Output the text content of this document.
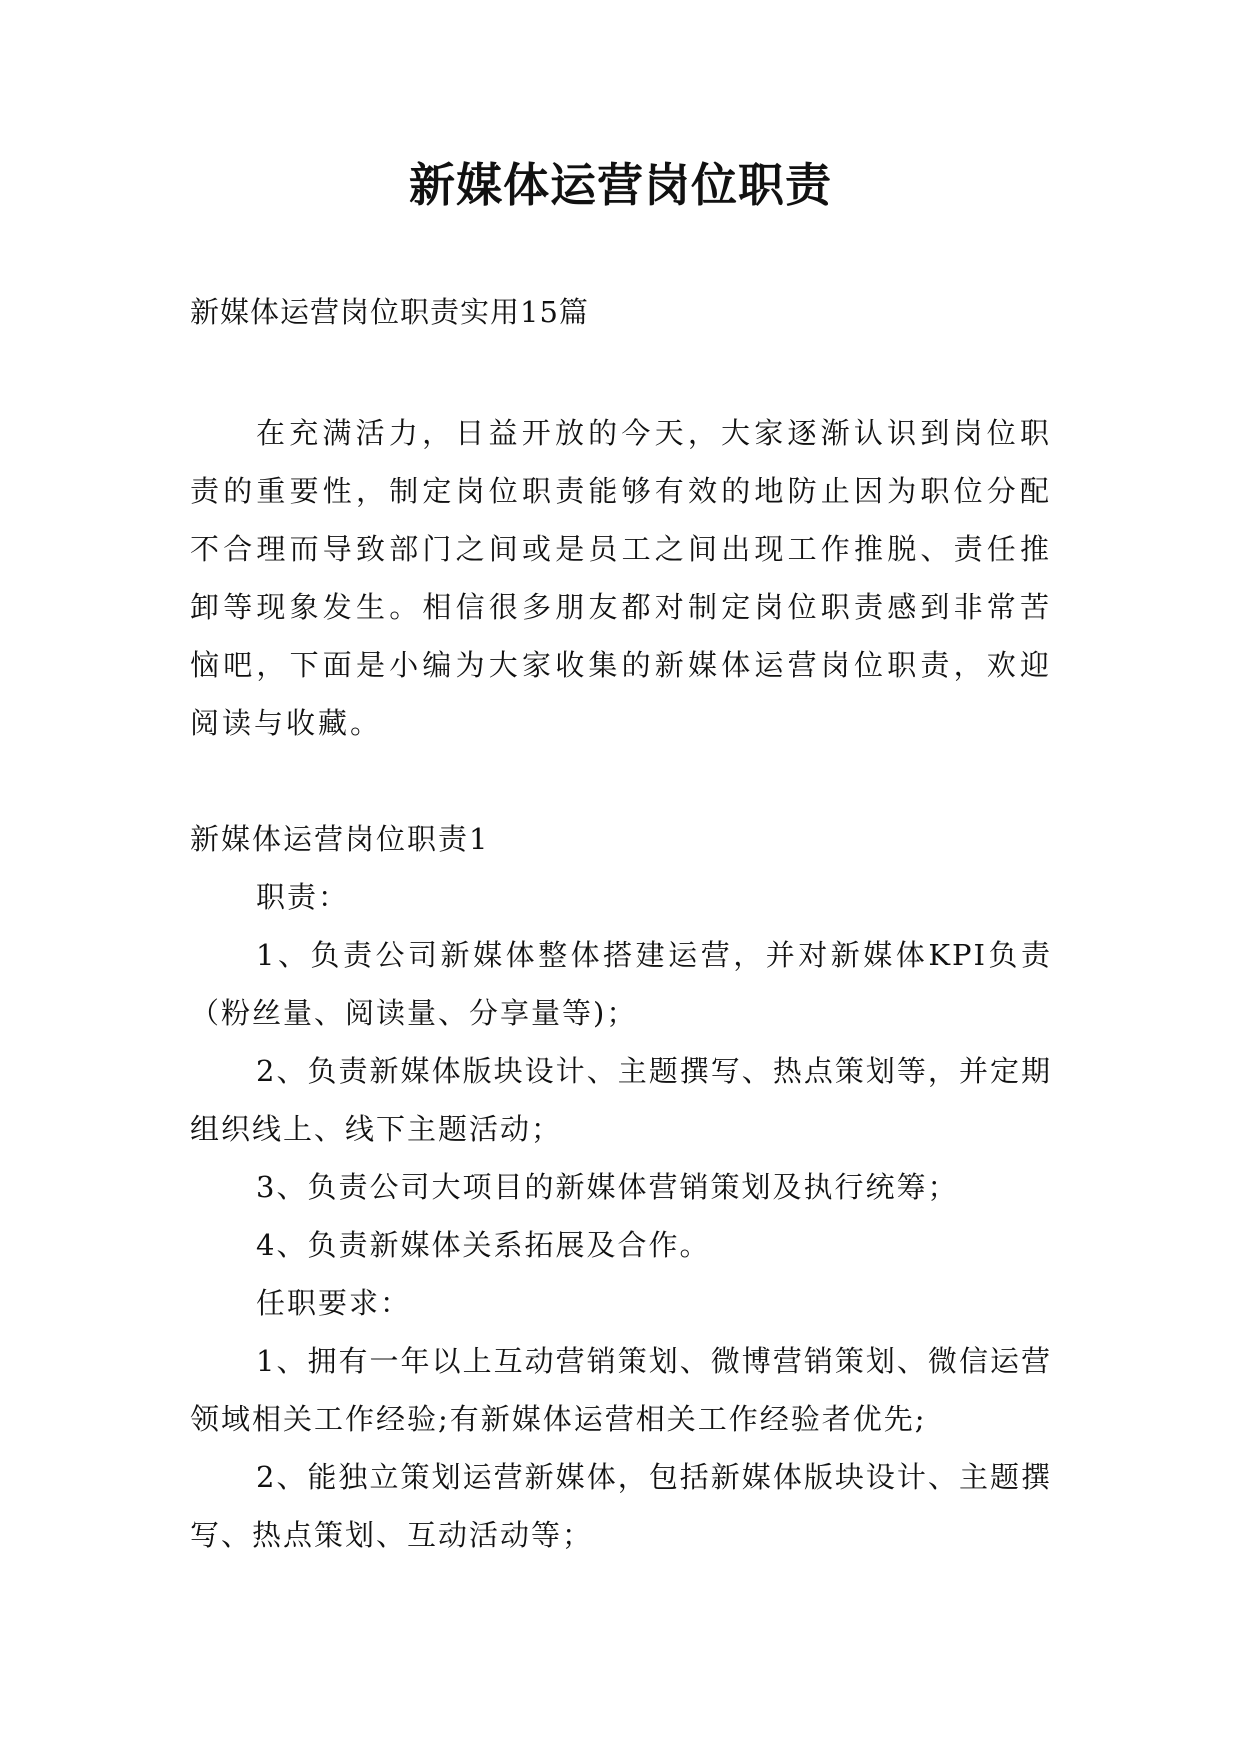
新媒体运营岗位职责
新媒体运营岗位职责实用15篇
在充满活力，日益开放的今天，大家逐渐认识到岗位职责的重要性，制定岗位职责能够有效的地防止因为职位分配不合理而导致部门之间或是员工之间出现工作推脱、责任推卸等现象发生。相信很多朋友都对制定岗位职责感到非常苦恼吧，下面是小编为大家收集的新媒体运营岗位职责，欢迎阅读与收藏。

新媒体运营岗位职责1

职责：

1、负责公司新媒体整体搭建运营，并对新媒体KPI负责（粉丝量、阅读量、分享量等)；

2、负责新媒体版块设计、主题撰写、热点策划等，并定期组织线上、线下主题活动；

3、负责公司大项目的新媒体营销策划及执行统筹；

4、负责新媒体关系拓展及合作。

任职要求：

1、拥有一年以上互动营销策划、微博营销策划、微信运营领域相关工作经验;有新媒体运营相关工作经验者优先;

2、能独立策划运营新媒体，包括新媒体版块设计、主题撰写、热点策划、互动活动等；
